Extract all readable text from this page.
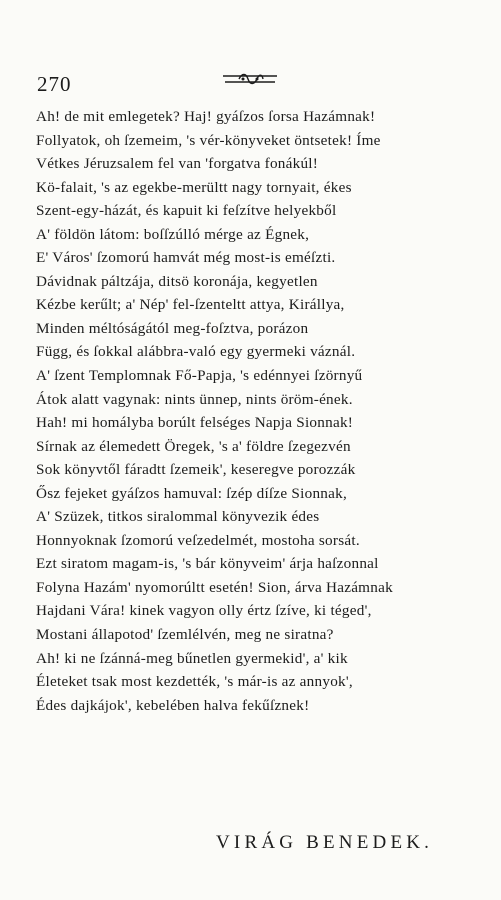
270
Ah! de mit emlegetek? Haj! gyáſzos ſorsa Hazámnak!
Follyatok, oh ſzemeim, 's vér-könyveket öntsetek! Íme
Vétkes Jéruzsalem fel van 'forgatva fonákúl!
Kö-falait, 's az egekbe-merültt nagy tornyait, ékes
Szent-egy-házát, és kapuit ki feſzítve helyekből
A' földön látom: boſſzúlló mérge az Égnek,
E' Város' ſzomorú hamvát még most-is eméſzti.
Dávidnak páltzája, ditsö koronája, kegyetlen
Kézbe kerűlt; a' Nép' fel-ſzenteltt attya, Királlya,
Minden méltóságától meg-foſztva, porázon
Függ, és ſokkal alábbra-való egy gyermeki váznál.
A' ſzent Templomnak Fő-Papja, 's edénnyei ſzörnyű
Átok alatt vagynak: nints ünnep, nints öröm-ének.
Hah! mi homályba borúlt felséges Napja Sionnak!
Sírnak az élemedett Öregek, 's a' földre ſzegezvén
Sok könyvtől fáradtt ſzemeik', keseregve porozzák
Ősz fejeket gyáſzos hamuval: ſzép díſze Sionnak,
A' Szüzek, titkos siralommal könyvezik édes
Honnyoknak ſzomorú veſzedelmét, mostoha sorsát.
Ezt siratom magam-is, 's bár könyveim' árja haſzonnal
Folyna Hazám' nyomorúltt esetén! Sion, árva Hazámnak
Hajdani Vára! kinek vagyon olly értz ſzíve, ki téged',
Mostani állapotod' ſzemlélvén, meg ne siratna?
Ah! ki ne ſzánná-meg bűnetlen gyermekid', a' kik
Életeket tsak most kezdették, 's már-is az annyok',
Édes dajkájok', kebelében halva fekűſznek!
VIRÁG BENEDEK.
